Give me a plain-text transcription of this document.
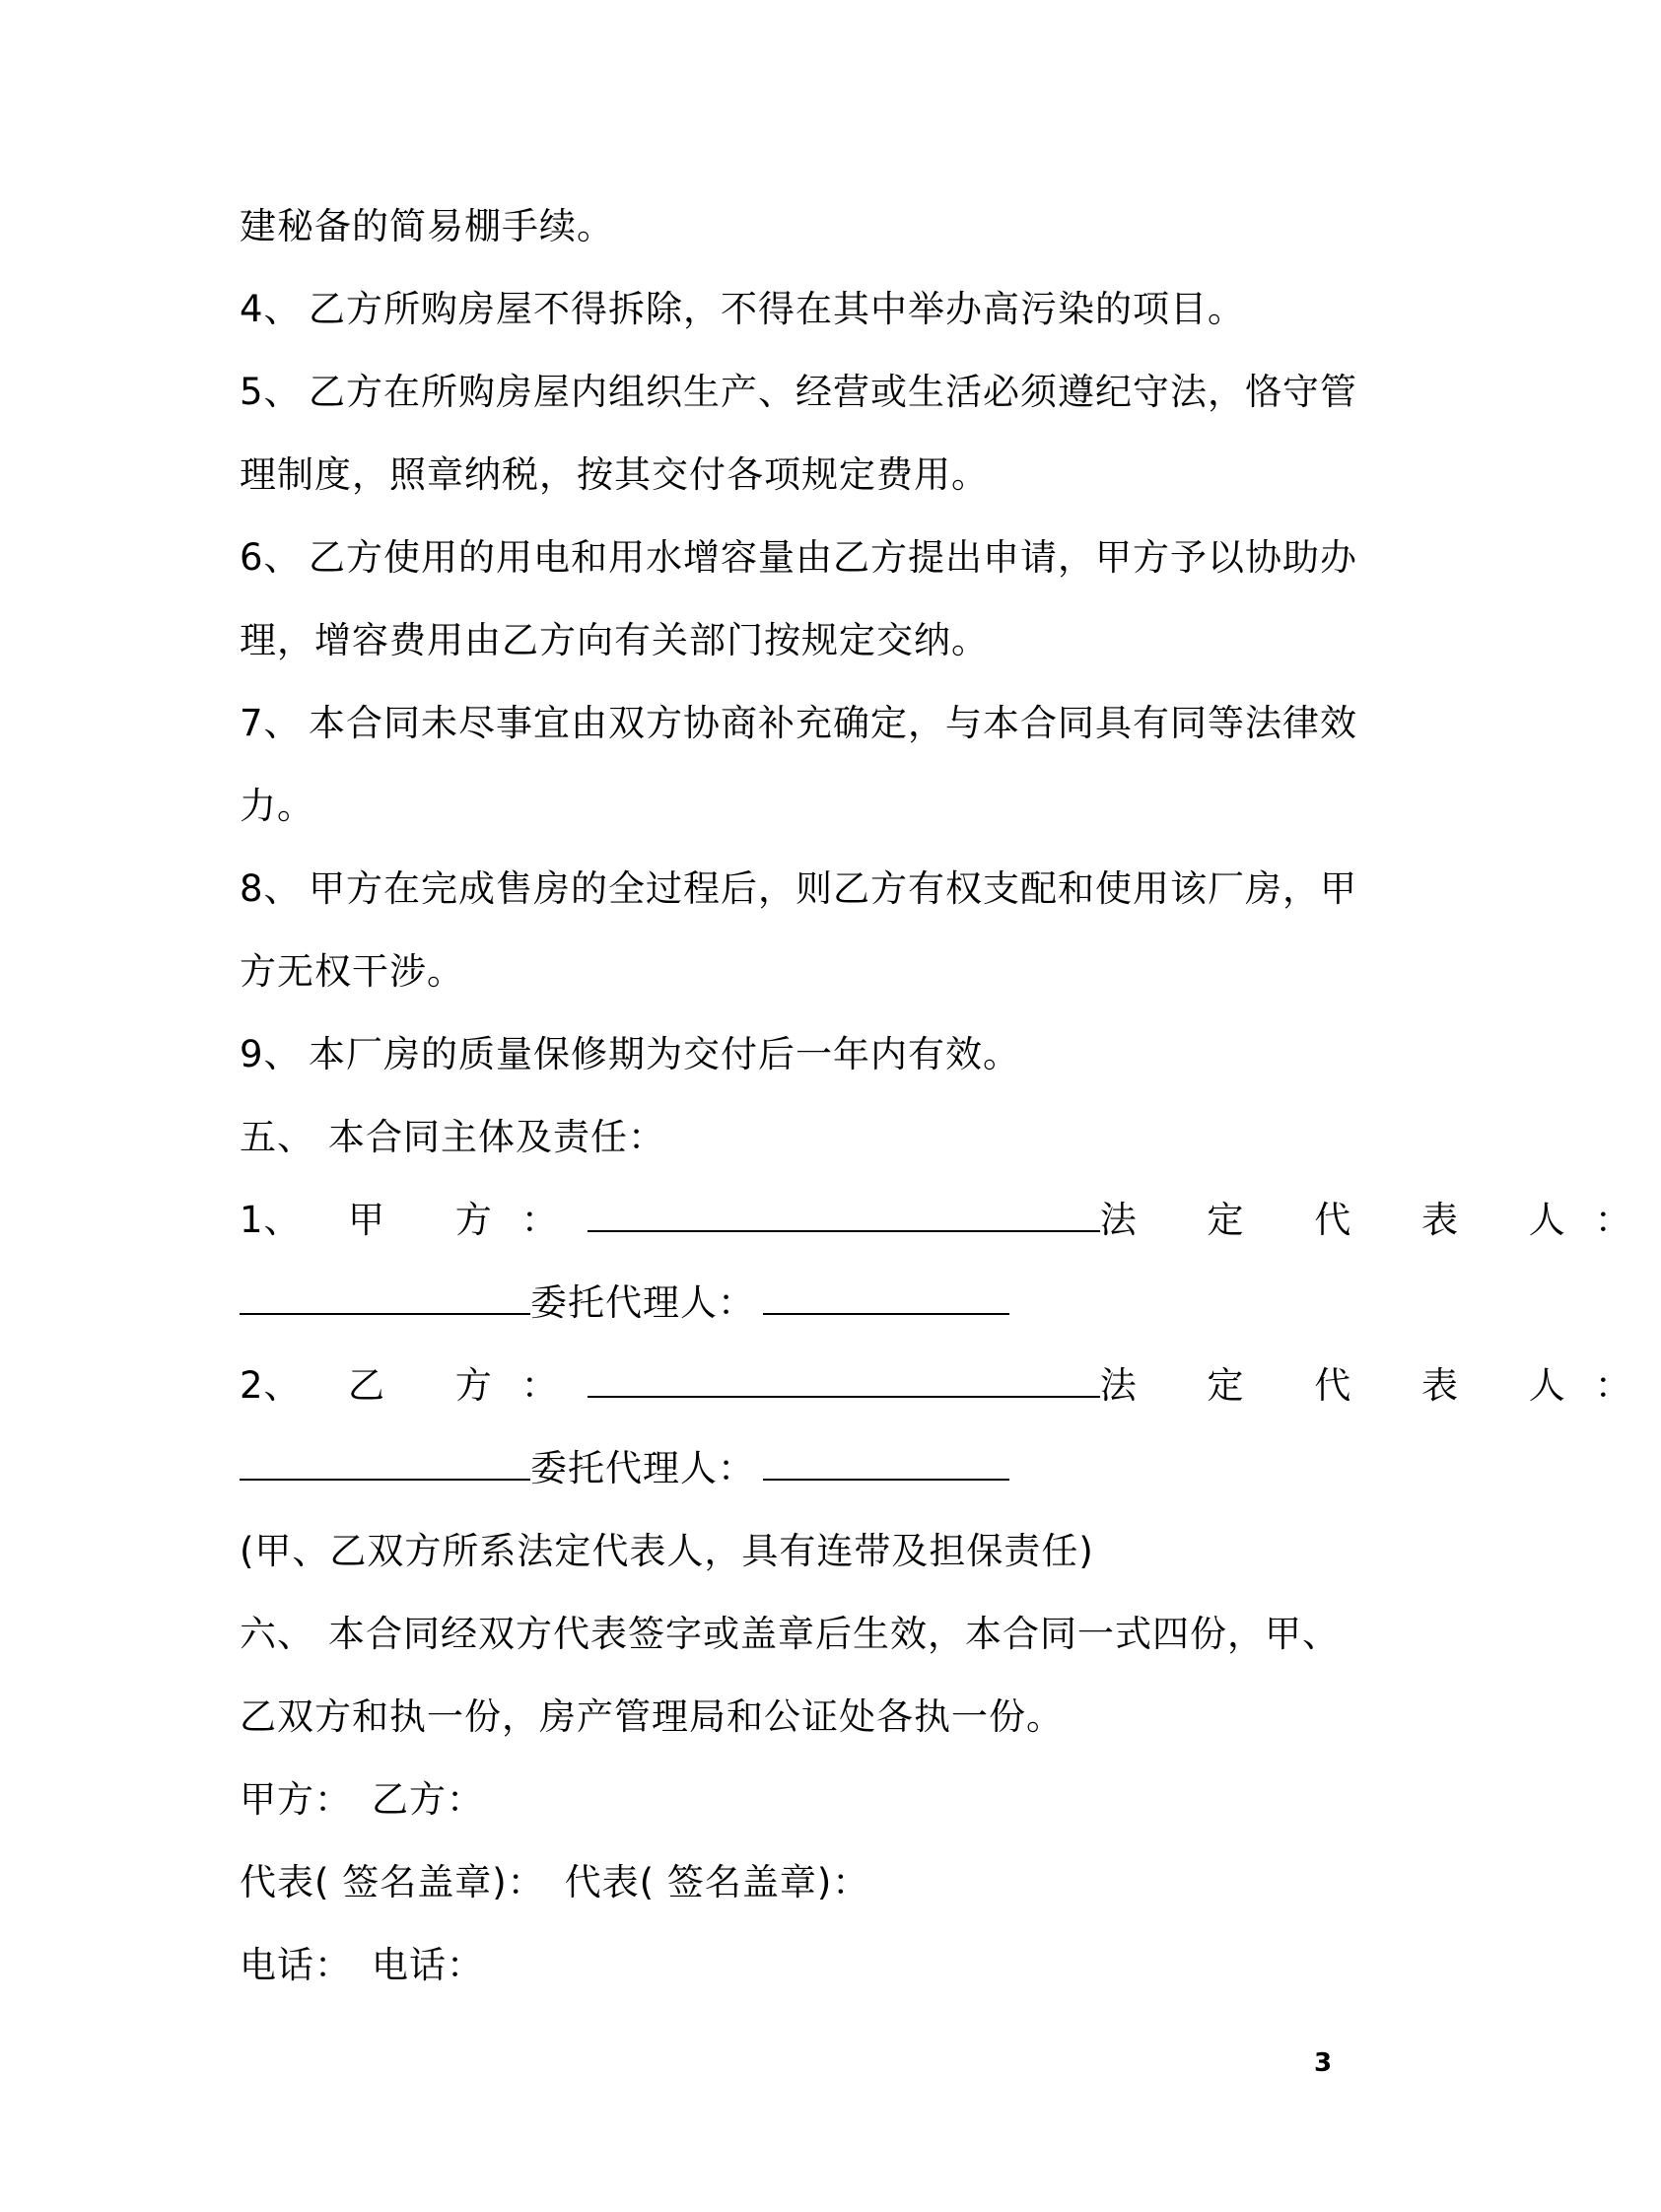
建秘备的简易棚手续。
4、 乙方所购房屋不得拆除，不得在其中举办高污染的项目。
5、 乙方在所购房屋内组织生产、经营或生活必须遵纪守法，恪守管
理制度，照章纳税，按其交付各项规定费用。
6、 乙方使用的用电和用水增容量由乙方提出申请，甲方予以协助办
理，增容费用由乙方向有关部门按规定交纳。
7、 本合同未尽事宜由双方协商补充确定，与本合同具有同等法律效
力。
8、 甲方在完成售房的全过程后，则乙方有权支配和使用该厂房，甲
方无权干涉。
9、 本厂房的质量保修期为交付后一年内有效。
五、 本合同主体及责任：
1、 甲 方：	法 定 代 表 人：
委托代理人：
2、 乙 方：	法 定 代 表 人：
委托代理人：
(甲、乙双方所系法定代表人，具有连带及担保责任)
六、 本合同经双方代表签字或盖章后生效，本合同一式四份，甲、
乙双方和执一份，房产管理局和公证处各执一份。
甲方： 乙方：
代表( 签名盖章)： 代表( 签名盖章)：
电话： 电话：
3
